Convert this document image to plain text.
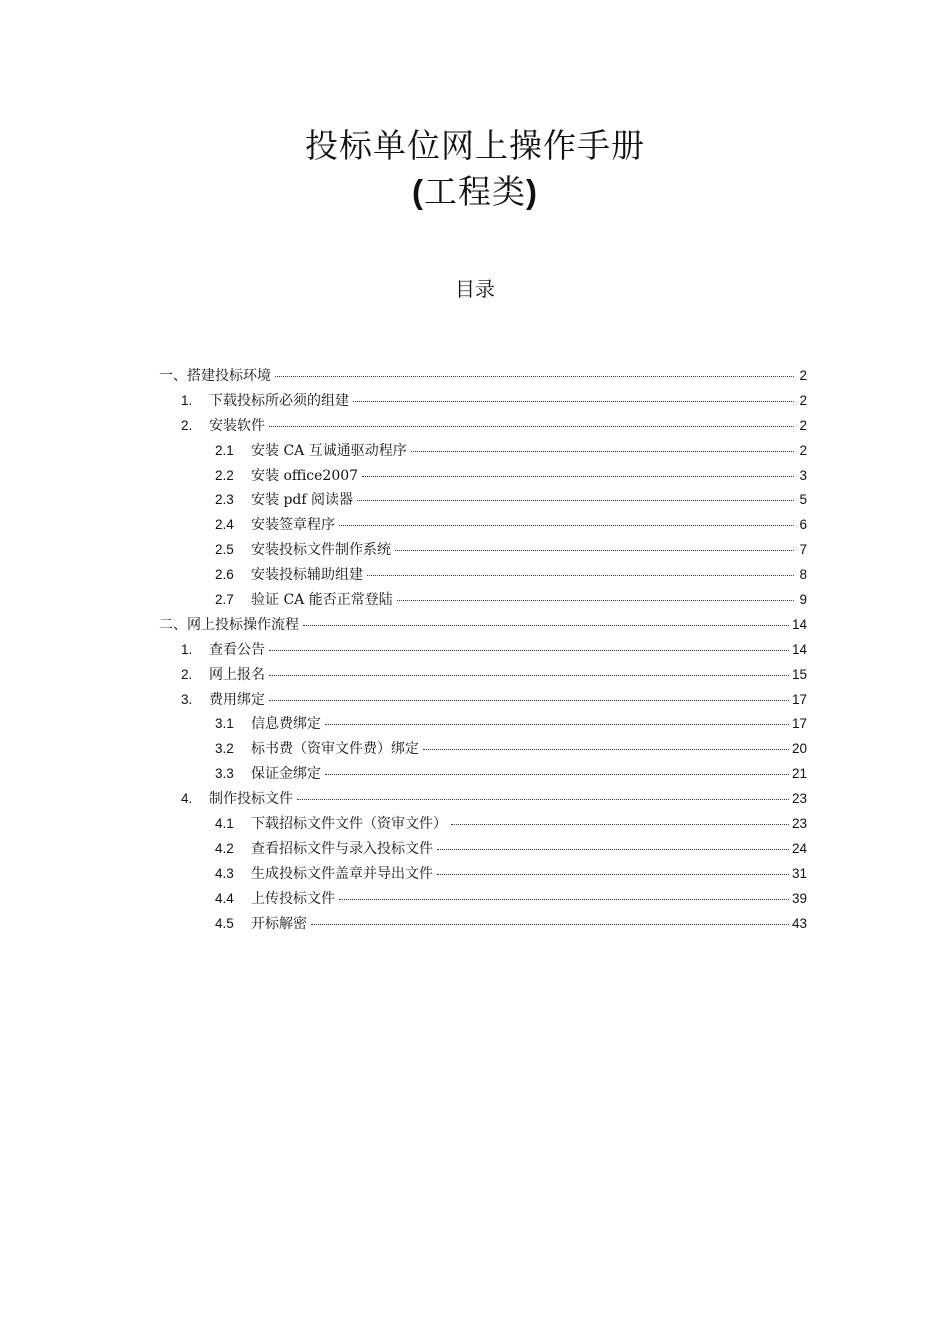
投标单位网上操作手册
(工程类)
目录
一、搭建投标环境	2
1.	下载投标所必须的组建	2
2.	安装软件	2
2.1	安装 CA 互诚通驱动程序	2
2.2	安装 office2007	3
2.3	安装 pdf 阅读器	5
2.4	安装签章程序	6
2.5	安装投标文件制作系统	7
2.6	安装投标辅助组建	8
2.7	验证 CA 能否正常登陆	9
二、网上投标操作流程	14
1.	查看公告	14
2.	网上报名	15
3.	费用绑定	17
3.1	信息费绑定	17
3.2	标书费（资审文件费）绑定	20
3.3	保证金绑定	21
4.	制作投标文件	23
4.1	下载招标文件文件（资审文件）	23
4.2	查看招标文件与录入投标文件	24
4.3	生成投标文件盖章并导出文件	31
4.4	上传投标文件	39
4.5	开标解密	43
